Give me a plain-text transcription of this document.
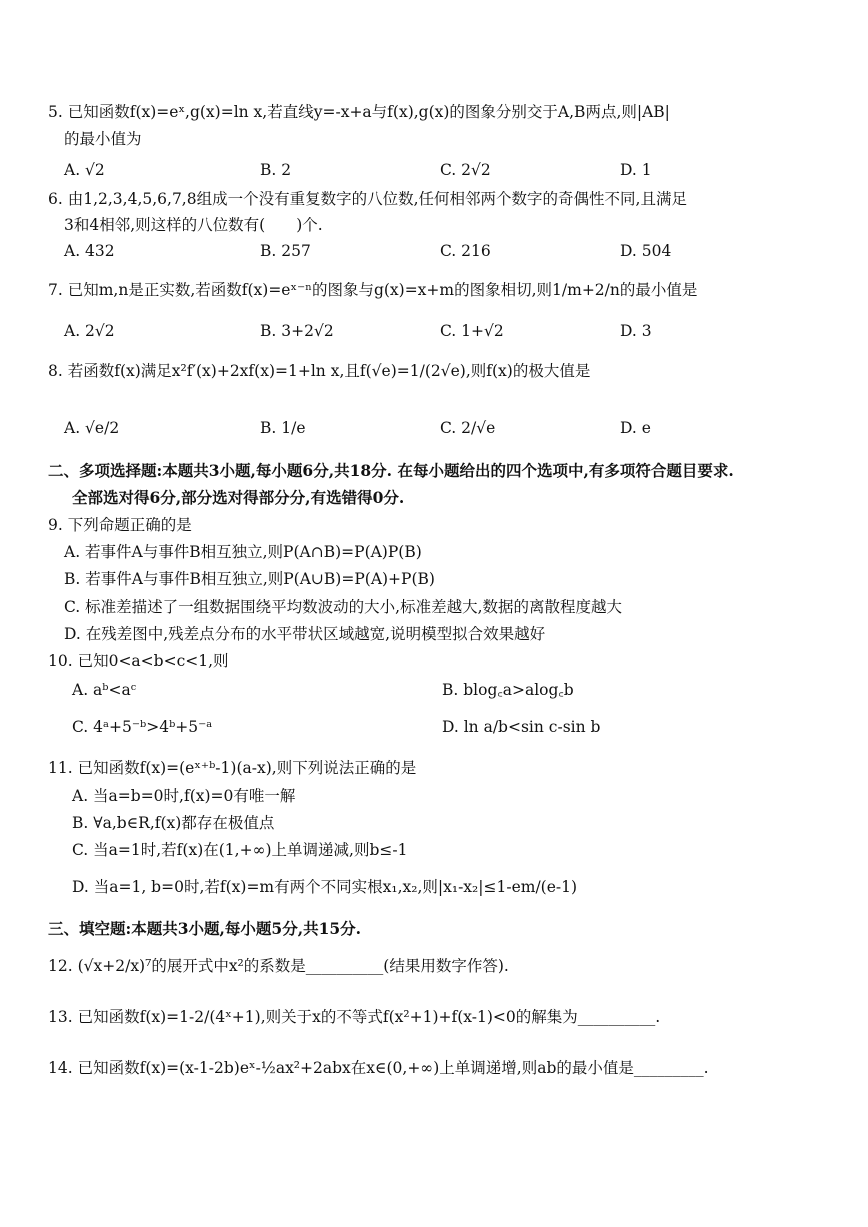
5. 已知函数f(x)=eˣ,g(x)=ln x,若直线y=-x+a与f(x),g(x)的图象分别交于A,B两点,则|AB|
的最小值为
A. √2	B. 2	C. 2√2	D. 1
6. 由1,2,3,4,5,6,7,8组成一个没有重复数字的八位数,任何相邻两个数字的奇偶性不同,且满足
3和4相邻,则这样的八位数有(　　)个.
A. 432	B. 257	C. 216	D. 504
7. 已知m,n是正实数,若函数f(x)=eˣ⁻ⁿ的图象与g(x)=x+m的图象相切,则1/m+2/n的最小值是
A. 2√2	B. 3+2√2	C. 1+√2	D. 3
8. 若函数f(x)满足x²f′(x)+2xf(x)=1+ln x,且f(√e)=1/(2√e),则f(x)的极大值是
A. √e/2	B. 1/e	C. 2/√e	D. e
二、多项选择题:本题共3小题,每小题6分,共18分. 在每小题给出的四个选项中,有多项符合题目要求.
全部选对得6分,部分选对得部分分,有选错得0分.
9. 下列命题正确的是
A. 若事件A与事件B相互独立,则P(A∩B)=P(A)P(B)
B. 若事件A与事件B相互独立,则P(A∪B)=P(A)+P(B)
C. 标准差描述了一组数据围绕平均数波动的大小,标准差越大,数据的离散程度越大
D. 在残差图中,残差点分布的水平带状区域越宽,说明模型拟合效果越好
10. 已知0<a<b<c<1,则
A. aᵇ<aᶜ	B. blog꜀a>alog꜀b
C. 4ᵃ+5⁻ᵇ>4ᵇ+5⁻ᵃ	D. ln a/b<sin c-sin b
11. 已知函数f(x)=(eˣ⁺ᵇ-1)(a-x),则下列说法正确的是
A. 当a=b=0时,f(x)=0有唯一解
B. ∀a,b∈R,f(x)都存在极值点
C. 当a=1时,若f(x)在(1,+∞)上单调递减,则b≤-1
D. 当a=1, b=0时,若f(x)=m有两个不同实根x₁,x₂,则|x₁-x₂|≤1-em/(e-1)
三、填空题:本题共3小题,每小题5分,共15分.
12. (√x+2/x)⁷的展开式中x²的系数是__________(结果用数字作答).
13. 已知函数f(x)=1-2/(4ˣ+1),则关于x的不等式f(x²+1)+f(x-1)<0的解集为__________.
14. 已知函数f(x)=(x-1-2b)eˣ-½ax²+2abx在x∈(0,+∞)上单调递增,则ab的最小值是_________.
